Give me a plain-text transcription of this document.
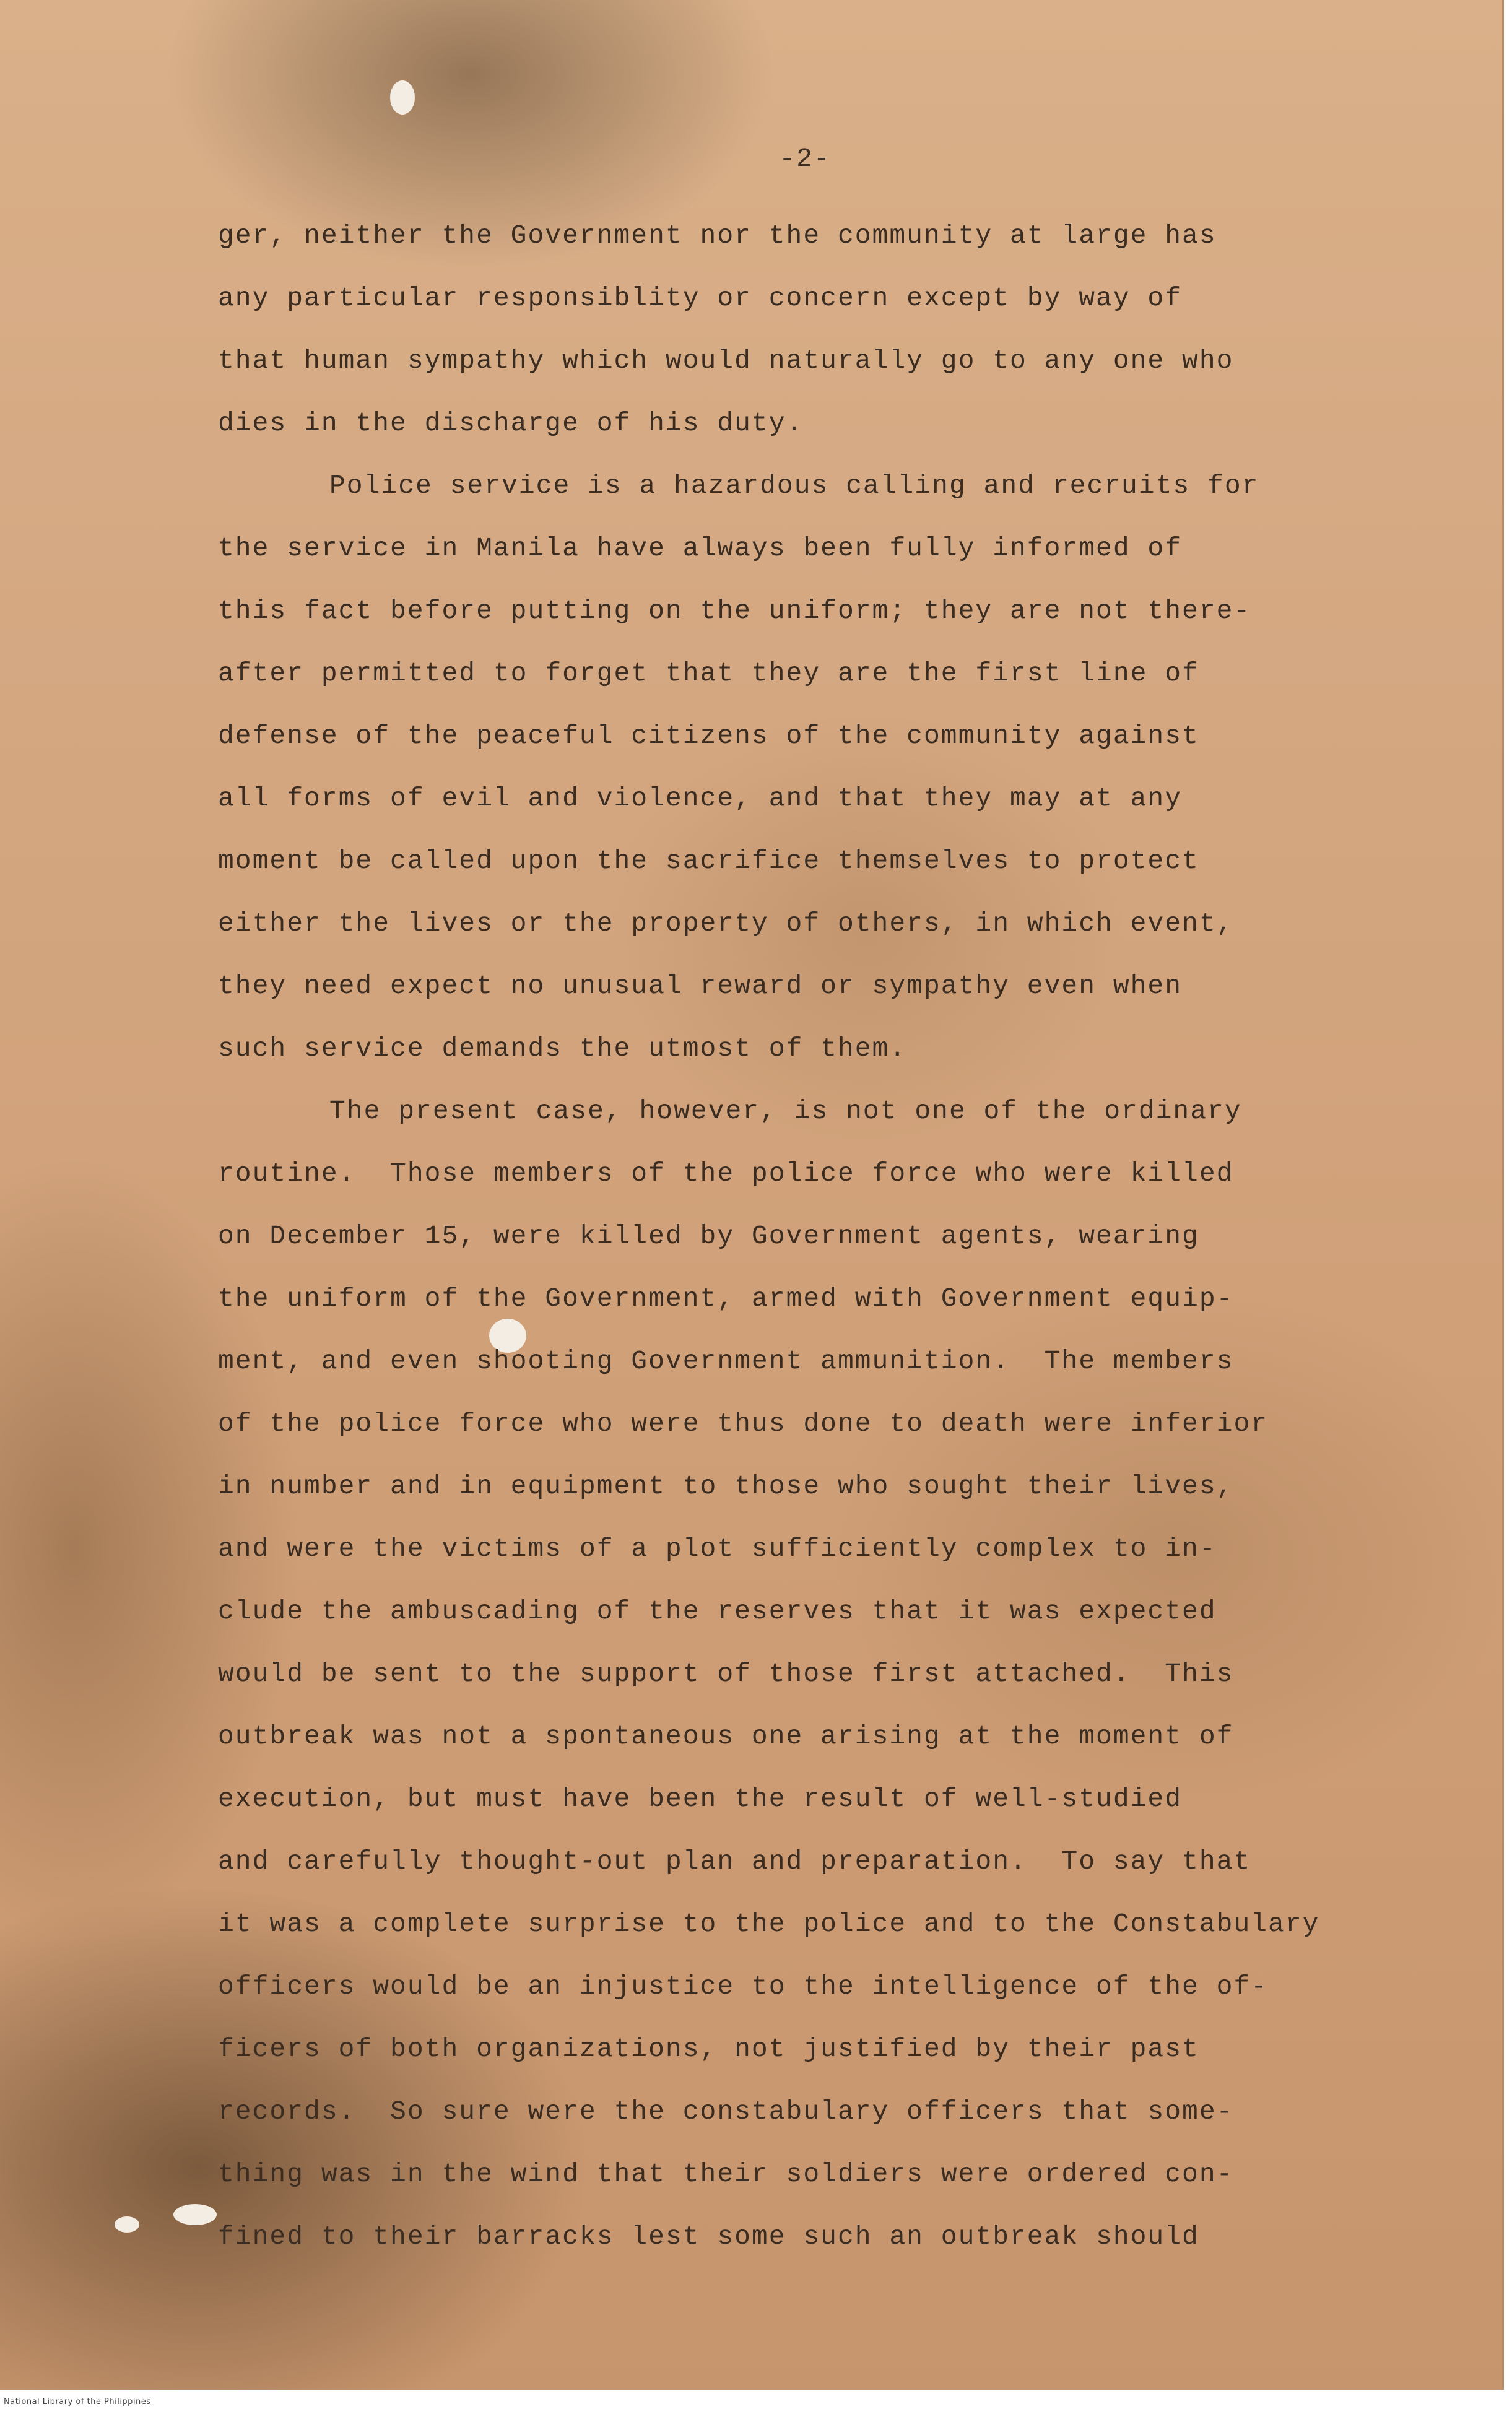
-2-
ger, neither the Government nor the community at large has
any particular responsiblity or concern except by way of
that human sympathy which would naturally go to any one who
dies in the discharge of his duty.
Police service is a hazardous calling and recruits for
the service in Manila have always been fully informed of
this fact before putting on the uniform; they are not there-
after permitted to forget that they are the first line of
defense of the peaceful citizens of the community against
all forms of evil and violence, and that they may at any
moment be called upon the sacrifice themselves to protect
either the lives or the property of others, in which event,
they need expect no unusual reward or sympathy even when
such service demands the utmost of them.
The present case, however, is not one of the ordinary
routine.  Those members of the police force who were killed
on December 15, were killed by Government agents, wearing
the uniform of the Government, armed with Government equip-
ment, and even shooting Government ammunition.  The members
of the police force who were thus done to death were inferior
in number and in equipment to those who sought their lives,
and were the victims of a plot sufficiently complex to in-
clude the ambuscading of the reserves that it was expected
would be sent to the support of those first attached.  This
outbreak was not a spontaneous one arising at the moment of
execution, but must have been the result of well-studied
and carefully thought-out plan and preparation.  To say that
it was a complete surprise to the police and to the Constabulary
officers would be an injustice to the intelligence of the of-
ficers of both organizations, not justified by their past
records.  So sure were the constabulary officers that some-
thing was in the wind that their soldiers were ordered con-
fined to their barracks lest some such an outbreak should
National Library of the Philippines
